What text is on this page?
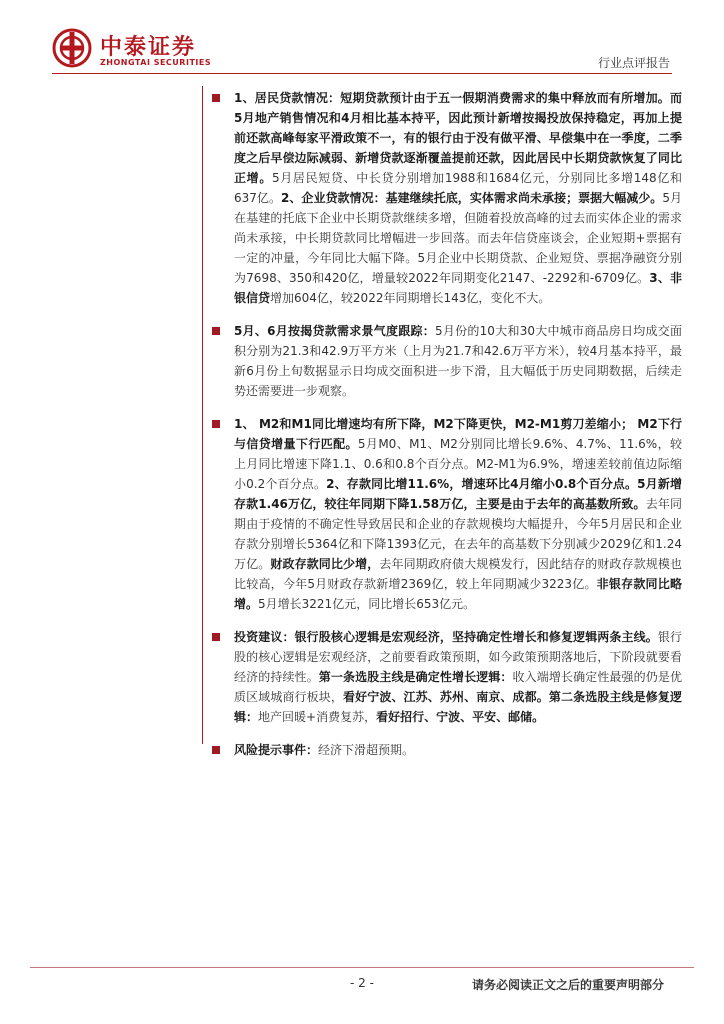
中泰证券
ZHONGTAI SECURITIES	行业点评报告
1、居民贷款情况：短期贷款预计由于五一假期消费需求的集中释放而有所增加。而5月地产销售情况和4月相比基本持平，因此预计新增按揭投放保持稳定，再加上提前还款高峰每家平滑政策不一，有的银行由于没有做平滑、早偿集中在一季度，二季度之后早偿边际减弱、新增贷款逐渐覆盖提前还款，因此居民中长期贷款恢复了同比正增。5月居民短贷、中长贷分别增加1988和1684亿元，分别同比多增148亿和637亿。2、企业贷款情况：基建继续托底，实体需求尚未承接；票据大幅减少。5月在基建的托底下企业中长期贷款继续多增，但随着投放高峰的过去而实体企业的需求尚未承接，中长期贷款同比增幅进一步回落。而去年信贷座谈会，企业短期+票据有一定的冲量，今年同比大幅下降。5月企业中长期贷款、企业短贷、票据净融资分别为7698、350和420亿，增量较2022年同期变化2147、-2292和-6709亿。3、非银信贷增加604亿，较2022年同期增长143亿，变化不大。
5月、6月按揭贷款需求景气度跟踪：5月份的10大和30大中城市商品房日均成交面积分别为21.3和42.9万平方米（上月为21.7和42.6万平方米），较4月基本持平，最新6月份上旬数据显示日均成交面积进一步下滑，且大幅低于历史同期数据，后续走势还需要进一步观察。
1、 M2和M1同比增速均有所下降，M2下降更快，M2-M1剪刀差缩小； M2下行与信贷增量下行匹配。5月M0、M1、M2分别同比增长9.6%、4.7%、11.6%，较上月同比增速下降1.1、0.6和0.8个百分点。M2-M1为6.9%，增速差较前值边际缩小0.2个百分点。2、存款同比增11.6%，增速环比4月缩小0.8个百分点。5月新增存款1.46万亿，较往年同期下降1.58万亿，主要是由于去年的高基数所致。去年同期由于疫情的不确定性导致居民和企业的存款规模均大幅提升，今年5月居民和企业存款分别增长5364亿和下降1393亿元，在去年的高基数下分别减少2029亿和1.24万亿。财政存款同比少增，去年同期政府债大规模发行，因此结存的财政存款规模也比较高，今年5月财政存款新增2369亿，较上年同期减少3223亿。非银存款同比略增。5月增长3221亿元，同比增长653亿元。
投资建议：银行股核心逻辑是宏观经济，坚持确定性增长和修复逻辑两条主线。银行股的核心逻辑是宏观经济，之前要看政策预期，如今政策预期落地后，下阶段就要看经济的持续性。第一条选股主线是确定性增长逻辑：收入端增长确定性最强的仍是优质区域城商行板块，看好宁波、江苏、苏州、南京、成都。第二条选股主线是修复逻辑：地产回暖+消费复苏，看好招行、宁波、平安、邮储。
风险提示事件：经济下滑超预期。
- 2 -	请务必阅读正文之后的重要声明部分
